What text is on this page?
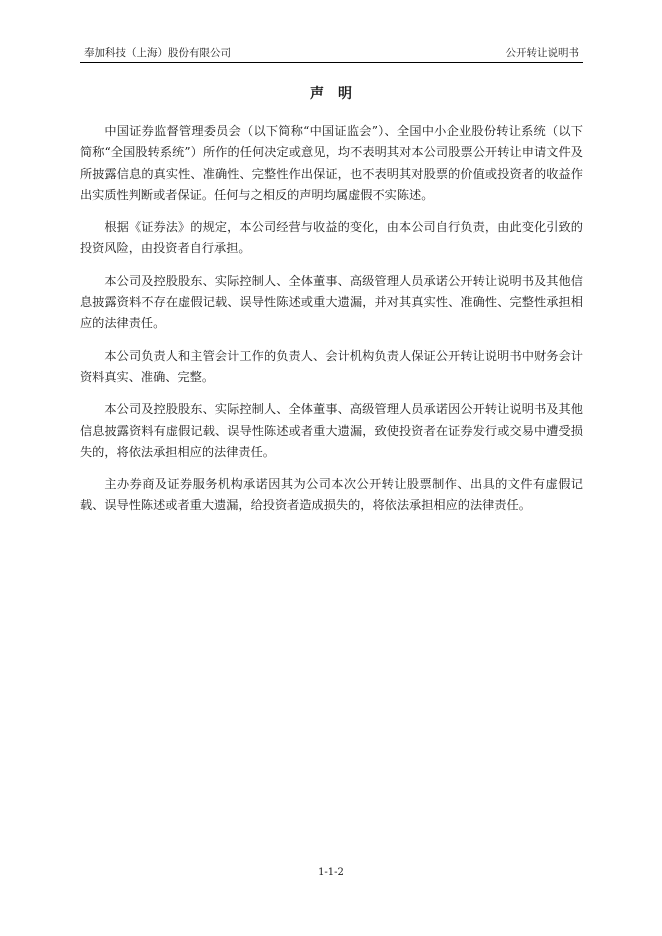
奉加科技（上海）股份有限公司	公开转让说明书
声明

中国证券监督管理委员会（以下简称“中国证监会”）、全国中小企业股份转让系统（以下简称“全国股转系统”）所作的任何决定或意见，均不表明其对本公司股票公开转让申请文件及所披露信息的真实性、准确性、完整性作出保证，也不表明其对股票的价值或投资者的收益作出实质性判断或者保证。任何与之相反的声明均属虚假不实陈述。

根据《证券法》的规定，本公司经营与收益的变化，由本公司自行负责，由此变化引致的投资风险，由投资者自行承担。

本公司及控股股东、实际控制人、全体董事、高级管理人员承诺公开转让说明书及其他信息披露资料不存在虚假记载、误导性陈述或重大遗漏，并对其真实性、准确性、完整性承担相应的法律责任。

本公司负责人和主管会计工作的负责人、会计机构负责人保证公开转让说明书中财务会计资料真实、准确、完整。

本公司及控股股东、实际控制人、全体董事、高级管理人员承诺因公开转让说明书及其他信息披露资料有虚假记载、误导性陈述或者重大遗漏，致使投资者在证券发行或交易中遭受损失的，将依法承担相应的法律责任。

主办券商及证券服务机构承诺因其为公司本次公开转让股票制作、出具的文件有虚假记载、误导性陈述或者重大遗漏，给投资者造成损失的，将依法承担相应的法律责任。

1-1-2
